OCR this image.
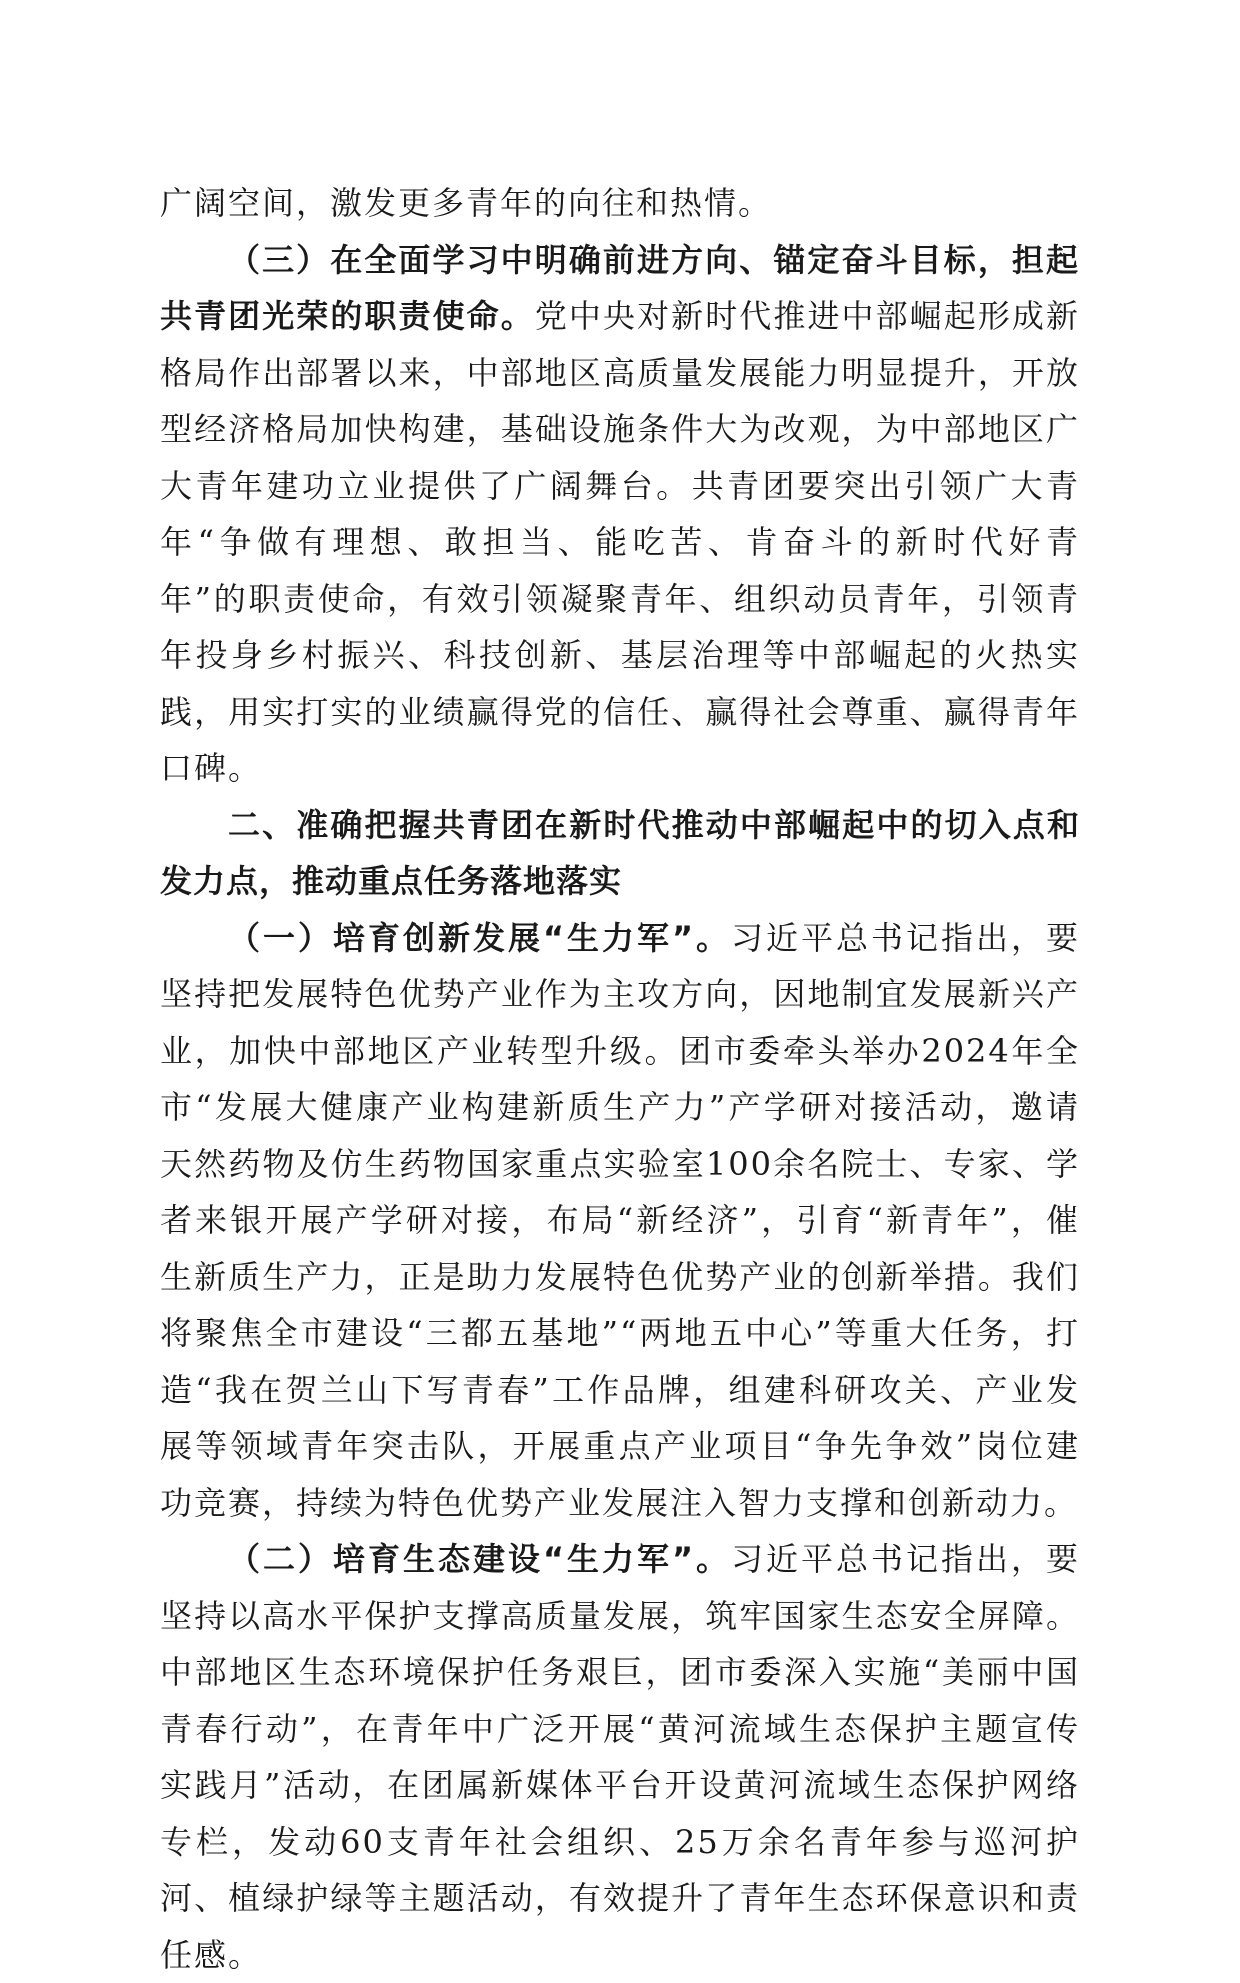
广阔空间，激发更多青年的向往和热情。

（三）在全面学习中明确前进方向、锚定奋斗目标，担起共青团光荣的职责使命。党中央对新时代推进中部崛起形成新格局作出部署以来，中部地区高质量发展能力明显提升，开放型经济格局加快构建，基础设施条件大为改观，为中部地区广大青年建功立业提供了广阔舞台。共青团要突出引领广大青年“争做有理想、敢担当、能吃苦、肯奋斗的新时代好青年”的职责使命，有效引领凝聚青年、组织动员青年，引领青年投身乡村振兴、科技创新、基层治理等中部崛起的火热实践，用实打实的业绩赢得党的信任、赢得社会尊重、赢得青年口碑。

二、准确把握共青团在新时代推动中部崛起中的切入点和发力点，推动重点任务落地落实

（一）培育创新发展“生力军”。习近平总书记指出，要坚持把发展特色优势产业作为主攻方向，因地制宜发展新兴产业，加快中部地区产业转型升级。团市委牵头举办2024年全市“发展大健康产业构建新质生产力”产学研对接活动，邀请天然药物及仿生药物国家重点实验室100余名院士、专家、学者来银开展产学研对接，布局“新经济”，引育“新青年”，催生新质生产力，正是助力发展特色优势产业的创新举措。我们将聚焦全市建设“三都五基地”“两地五中心”等重大任务，打造“我在贺兰山下写青春”工作品牌，组建科研攻关、产业发展等领域青年突击队，开展重点产业项目“争先争效”岗位建功竞赛，持续为特色优势产业发展注入智力支撑和创新动力。

（二）培育生态建设“生力军”。习近平总书记指出，要坚持以高水平保护支撑高质量发展，筑牢国家生态安全屏障。中部地区生态环境保护任务艰巨，团市委深入实施“美丽中国青春行动”，在青年中广泛开展“黄河流域生态保护主题宣传实践月”活动，在团属新媒体平台开设黄河流域生态保护网络专栏，发动60支青年社会组织、25万余名青年参与巡河护河、植绿护绿等主题活动，有效提升了青年生态环保意识和责任感。
